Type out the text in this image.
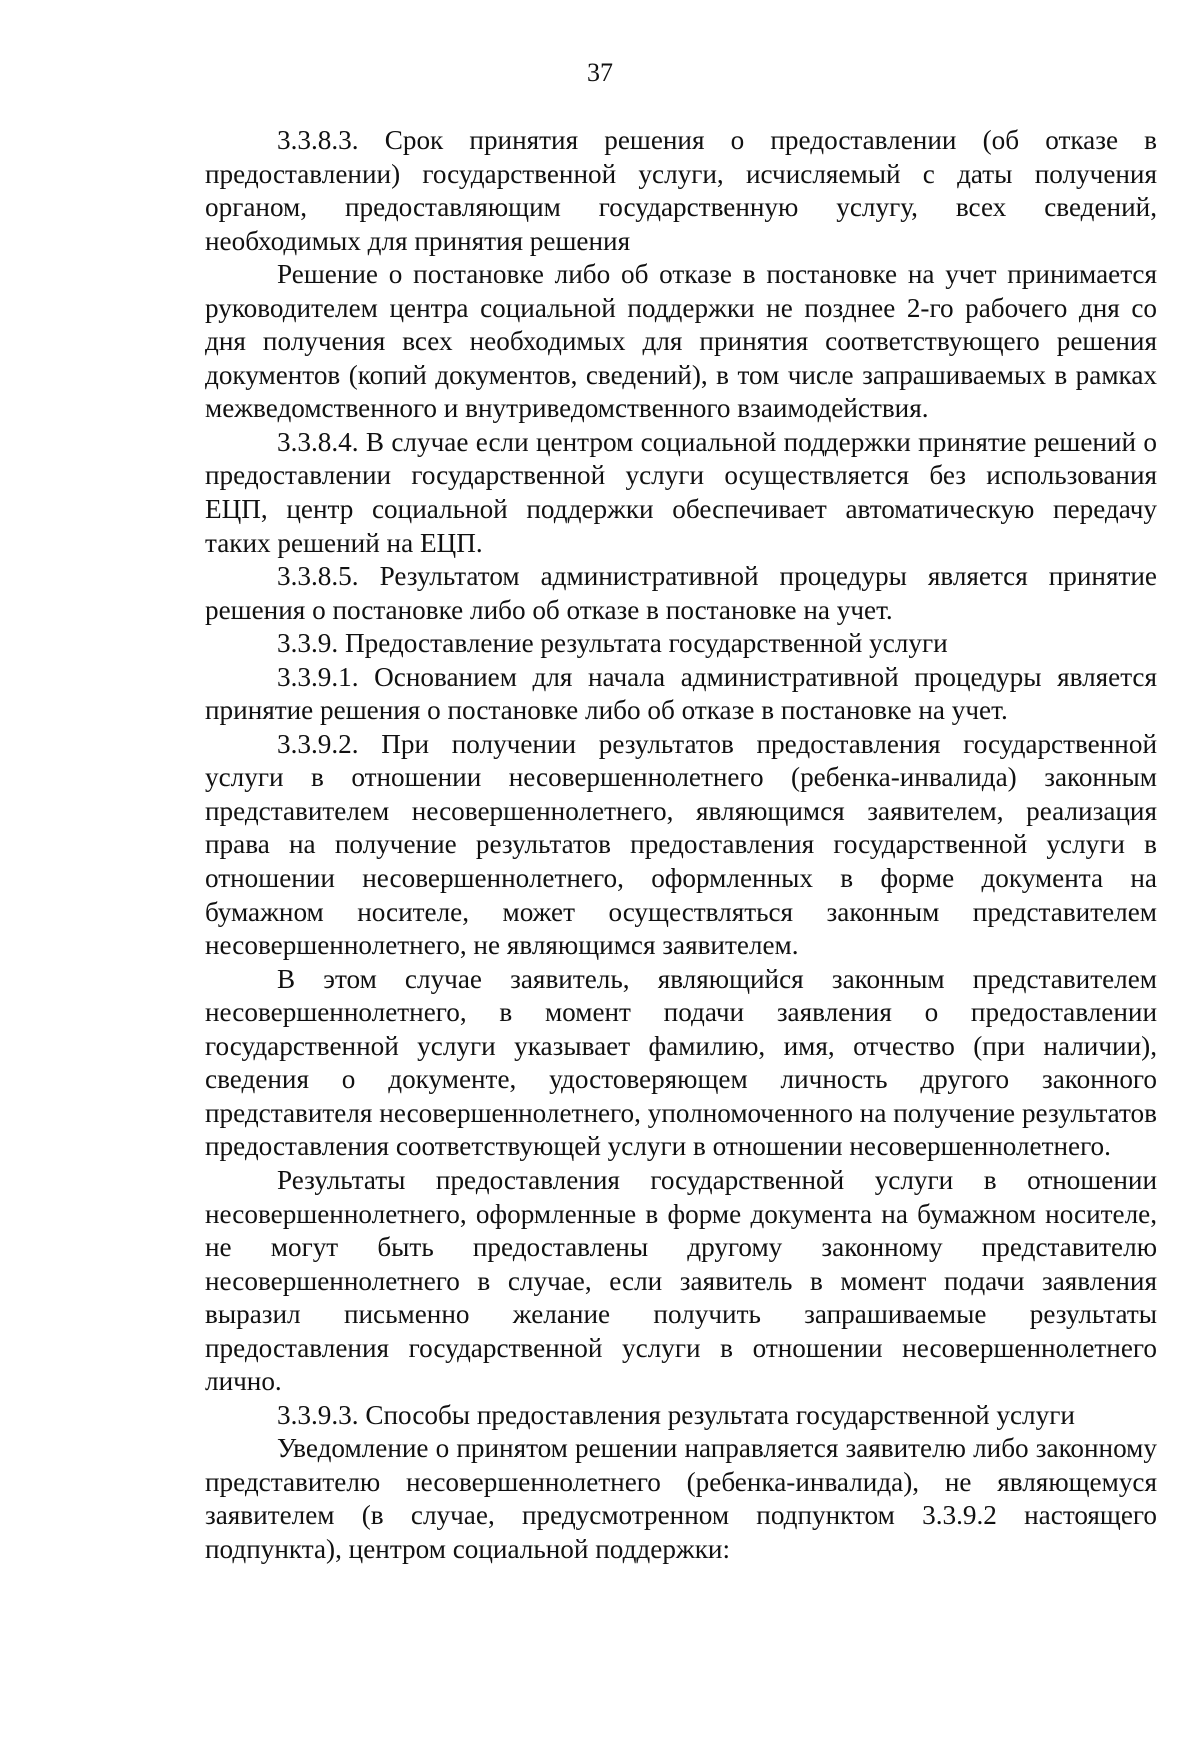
37

3.3.8.3. Срок принятия решения о предоставлении (об отказе в предоставлении) государственной услуги, исчисляемый с даты получения органом, предоставляющим государственную услугу, всех сведений, необходимых для принятия решения

Решение о постановке либо об отказе в постановке на учет принимается руководителем центра социальной поддержки не позднее 2-го рабочего дня со дня получения всех необходимых для принятия соответствующего решения документов (копий документов, сведений), в том числе запрашиваемых в рамках межведомственного и внутриведомственного взаимодействия.

3.3.8.4. В случае если центром социальной поддержки принятие решений о предоставлении государственной услуги осуществляется без использования ЕЦП, центр социальной поддержки обеспечивает автоматическую передачу таких решений на ЕЦП.

3.3.8.5. Результатом административной процедуры является принятие решения о постановке либо об отказе в постановке на учет.

3.3.9. Предоставление результата государственной услуги

3.3.9.1. Основанием для начала административной процедуры является принятие решения о постановке либо об отказе в постановке на учет.

3.3.9.2. При получении результатов предоставления государственной услуги в отношении несовершеннолетнего (ребенка-инвалида) законным представителем несовершеннолетнего, являющимся заявителем, реализация права на получение результатов предоставления государственной услуги в отношении несовершеннолетнего, оформленных в форме документа на бумажном носителе, может осуществляться законным представителем несовершеннолетнего, не являющимся заявителем.

В этом случае заявитель, являющийся законным представителем несовершеннолетнего, в момент подачи заявления о предоставлении государственной услуги указывает фамилию, имя, отчество (при наличии), сведения о документе, удостоверяющем личность другого законного представителя несовершеннолетнего, уполномоченного на получение результатов предоставления соответствующей услуги в отношении несовершеннолетнего.

Результаты предоставления государственной услуги в отношении несовершеннолетнего, оформленные в форме документа на бумажном носителе, не могут быть предоставлены другому законному представителю несовершеннолетнего в случае, если заявитель в момент подачи заявления выразил письменно желание получить запрашиваемые результаты предоставления государственной услуги в отношении несовершеннолетнего лично.

3.3.9.3. Способы предоставления результата государственной услуги

Уведомление о принятом решении направляется заявителю либо законному представителю несовершеннолетнего (ребенка-инвалида), не являющемуся заявителем (в случае, предусмотренном подпунктом 3.3.9.2 настоящего подпункта), центром социальной поддержки:
